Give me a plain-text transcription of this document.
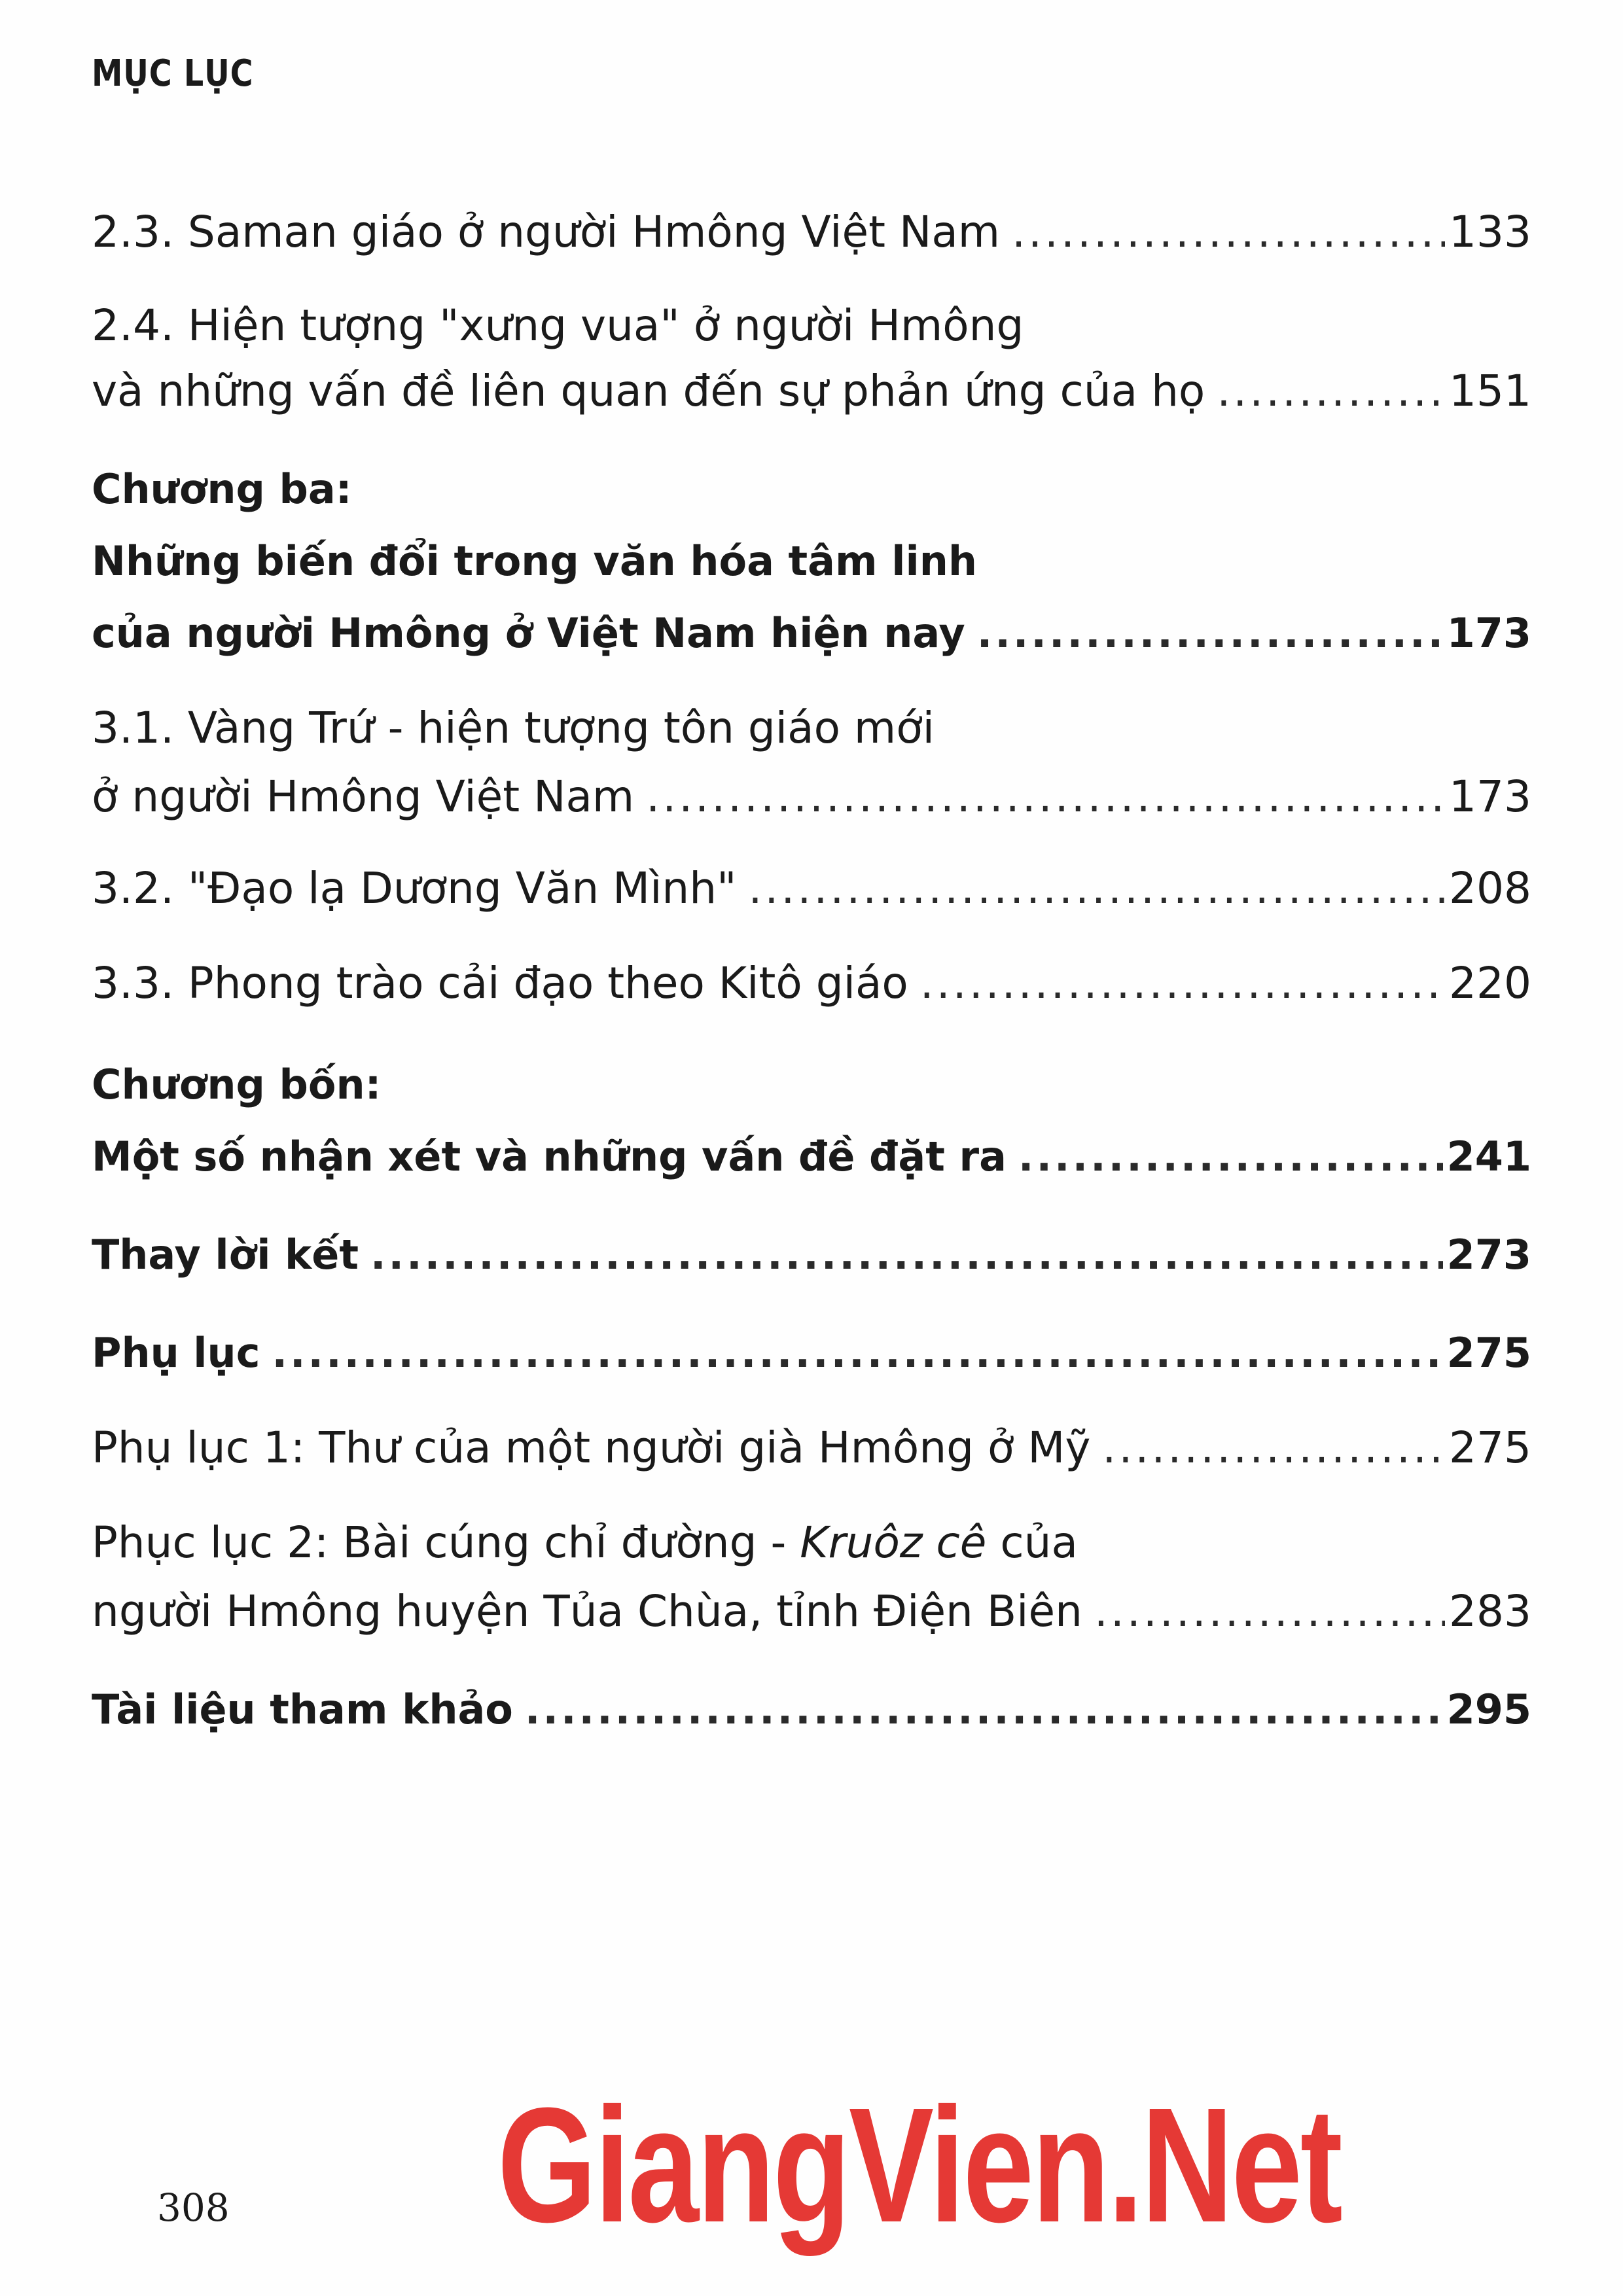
MỤC LỤC
2.3. Saman giáo ở người Hmông Việt Nam .....	133
2.4. Hiện tượng "xưng vua" ở người Hmông
và những vấn đề liên quan đến sự phản ứng của họ .....	151
Chương ba:
Những biến đổi trong văn hóa tâm linh
của người Hmông ở Việt Nam hiện nay .....	173
3.1. Vàng Trứ - hiện tượng tôn giáo mới
ở người Hmông Việt Nam .....	173
3.2. "Đạo lạ Dương Văn Mình" .....	208
3.3. Phong trào cải đạo theo Kitô giáo .....	220
Chương bốn:
Một số nhận xét và những vấn đề đặt ra .....	241
Thay lời kết .....	273
Phụ lục .....	275
Phụ lục 1: Thư của một người già Hmông ở Mỹ .....	275
Phục lục 2: Bài cúng chỉ đường - Kruôz cê của
người Hmông huyện Tủa Chùa, tỉnh Điện Biên .....	283
Tài liệu tham khảo .....	295
GiangVien.Net
308
